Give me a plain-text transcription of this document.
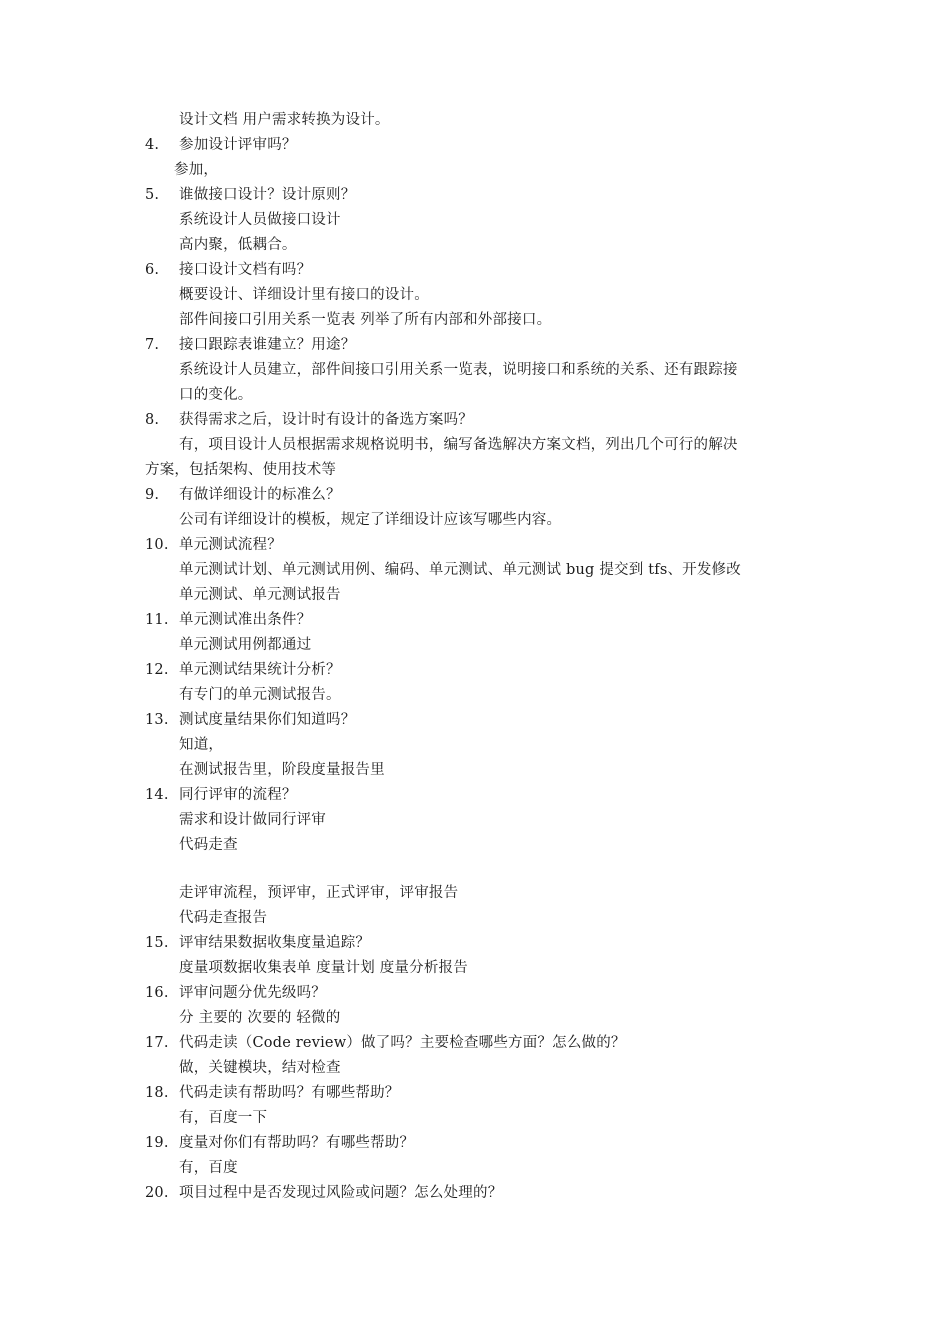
设计文档 用户需求转换为设计。
4. 参加设计评审吗？
参加，
5. 谁做接口设计？设计原则？
系统设计人员做接口设计
高内聚，低耦合。
6. 接口设计文档有吗？
概要设计、详细设计里有接口的设计。
部件间接口引用关系一览表 列举了所有内部和外部接口。
7. 接口跟踪表谁建立？用途？
系统设计人员建立，部件间接口引用关系一览表，说明接口和系统的关系、还有跟踪接
口的变化。
8. 获得需求之后，设计时有设计的备选方案吗？
有，项目设计人员根据需求规格说明书，编写备选解决方案文档，列出几个可行的解决
方案，包括架构、使用技术等
9. 有做详细设计的标准么？
公司有详细设计的模板，规定了详细设计应该写哪些内容。
10. 单元测试流程？
单元测试计划、单元测试用例、编码、单元测试、单元测试 bug 提交到 tfs、开发修改
单元测试、单元测试报告
11. 单元测试准出条件？
单元测试用例都通过
12. 单元测试结果统计分析？
有专门的单元测试报告。
13. 测试度量结果你们知道吗？
知道，
在测试报告里，阶段度量报告里
14. 同行评审的流程？
需求和设计做同行评审
代码走查
走评审流程，预评审，正式评审，评审报告
代码走查报告
15. 评审结果数据收集度量追踪？
度量项数据收集表单 度量计划 度量分析报告
16. 评审问题分优先级吗？
分 主要的 次要的 轻微的
17. 代码走读（Code review）做了吗？主要检查哪些方面？怎么做的？
做，关键模块，结对检查
18. 代码走读有帮助吗？有哪些帮助？
有，百度一下
19. 度量对你们有帮助吗？有哪些帮助？
有，百度
20. 项目过程中是否发现过风险或问题？怎么处理的？
